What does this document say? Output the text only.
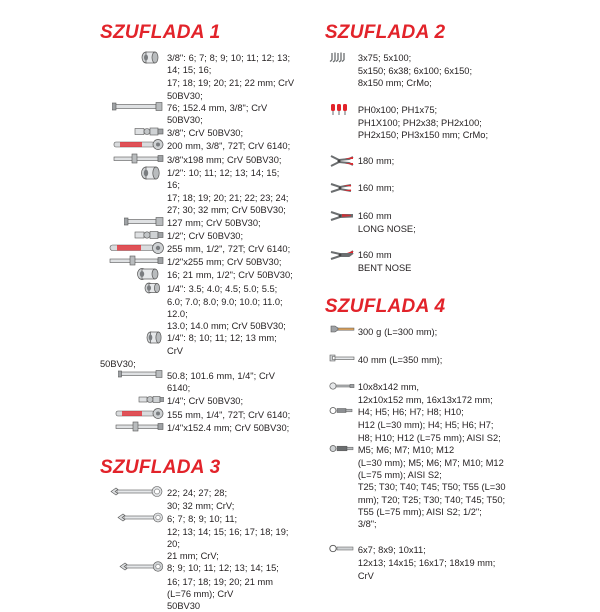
SZUFLADA 1
3/8": 6; 7; 8; 9; 10; 11; 12; 13; 14; 15; 16;
17; 18; 19; 20; 21; 22 mm; CrV 50BV30;
76; 152.4 mm, 3/8"; CrV 50BV30;
3/8"; CrV 50BV30;
200 mm, 3/8", 72T; CrV 6140;
3/8"x198 mm; CrV 50BV30;
1/2": 10; 11; 12; 13; 14; 15; 16;
17; 18; 19; 20; 21; 22; 23; 24;
27; 30; 32 mm; CrV 50BV30;
127 mm; CrV 50BV30;
1/2"; CrV 50BV30;
255 mm, 1/2", 72T; CrV 6140;
1/2"x255 mm; CrV 50BV30;
16; 21 mm, 1/2"; CrV 50BV30;
1/4": 3.5; 4.0; 4.5; 5.0; 5.5;
6.0; 7.0; 8.0; 9.0; 10.0; 11.0; 12.0;
13.0; 14.0 mm; CrV 50BV30;
1/4": 8; 10; 11; 12; 13 mm; CrV
50BV30;
50.8; 101.6 mm, 1/4"; CrV 6140;
1/4"; CrV 50BV30;
155 mm, 1/4", 72T; CrV 6140;
1/4"x152.4 mm; CrV 50BV30;
SZUFLADA 3
22; 24; 27; 28;
30; 32 mm; CrV;
6; 7; 8; 9; 10; 11;
12; 13; 14; 15; 16; 17; 18; 19; 20;
21 mm; CrV;
8; 9; 10; 11; 12; 13; 14; 15;
16; 17; 18; 19; 20; 21 mm (L=76 mm); CrV
50BV30
SZUFLADA 2
3x75; 5x100;
5x150; 6x38; 6x100; 6x150;
8x150 mm; CrMo;
PH0x100; PH1x75;
PH1X100; PH2x38; PH2x100;
PH2x150; PH3x150 mm; CrMo;
180 mm;
160 mm;
160 mm
LONG NOSE;
160 mm
BENT NOSE
SZUFLADA 4
300 g (L=300 mm);
40 mm (L=350 mm);
10x8x142 mm,
12x10x152 mm, 16x13x172 mm;
H4; H5; H6; H7; H8; H10;
H12 (L=30 mm); H4; H5; H6; H7;
H8; H10; H12 (L=75 mm); AISI S2;
M5; M6; M7; M10; M12
(L=30 mm); M5; M6; M7; M10; M12
(L=75 mm); AISI S2;
T25; T30; T40; T45; T50; T55 (L=30
mm); T20; T25; T30; T40; T45; T50;
T55 (L=75 mm); AISI S2; 1/2";
3/8";
6x7; 8x9; 10x11;
12x13; 14x15; 16x17; 18x19 mm;
CrV
